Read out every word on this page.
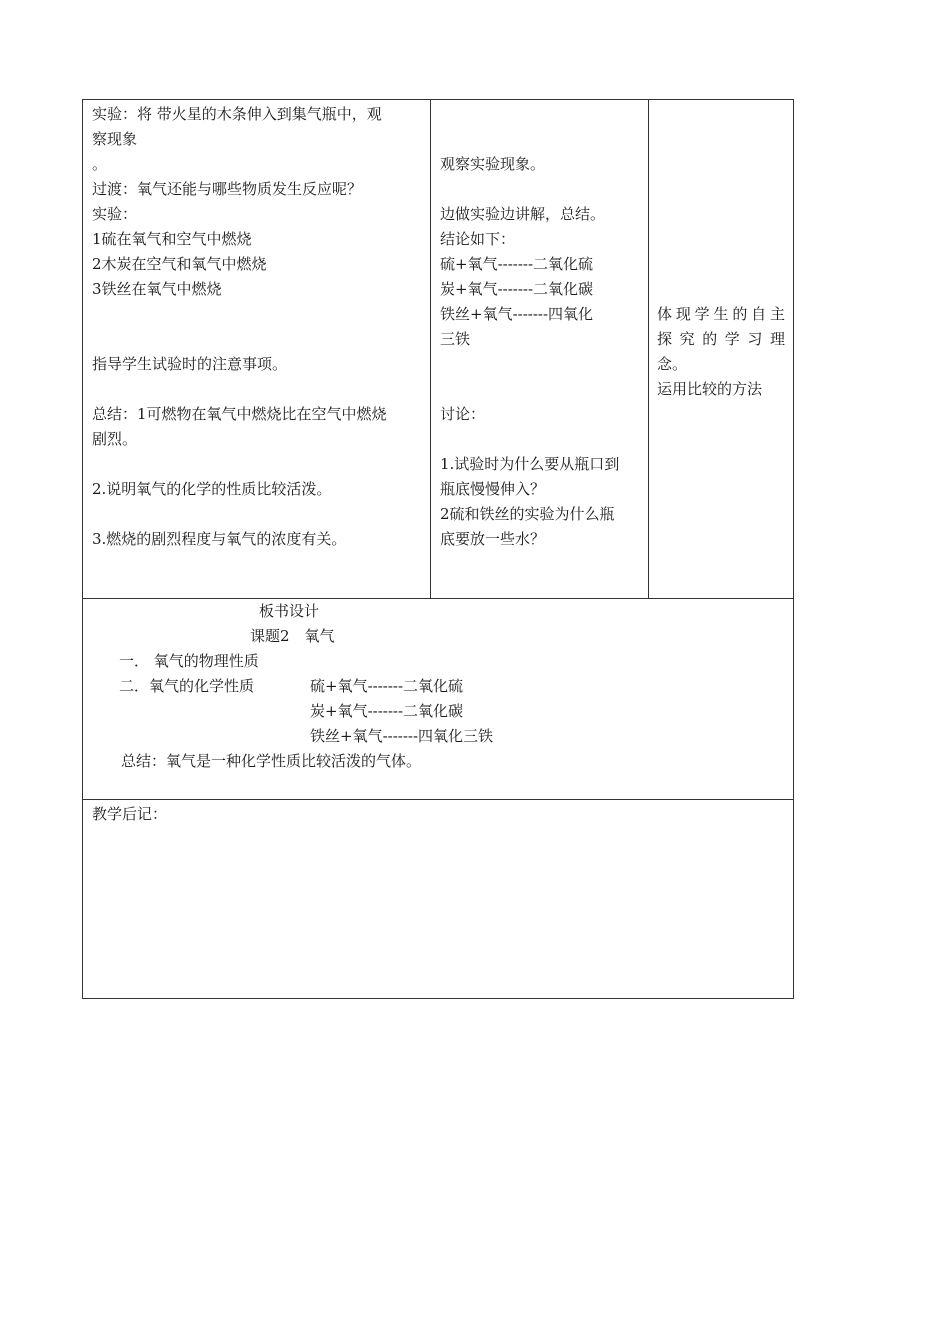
实验：将 带火星的木条伸入到集气瓶中，观
察现象
。
过渡：氧气还能与哪些物质发生反应呢？
实验：
1硫在氧气和空气中燃烧
2木炭在空气和氧气中燃烧
3铁丝在氧气中燃烧
指导学生试验时的注意事项。
总结：1可燃物在氧气中燃烧比在空气中燃烧
剧烈。
2.说明氧气的化学的性质比较活泼。
3.燃烧的剧烈程度与氧气的浓度有关。

观察实验现象。
边做实验边讲解，总结。
结论如下：
硫+氧气-------二氧化硫
炭+氧气-------二氧化碳
铁丝+氧气-------四氧化
三铁
讨论：
1.试验时为什么要从瓶口到
瓶底慢慢伸入？
2硫和铁丝的实验为什么瓶
底要放一些水？

体现学生的自主
探究的学习理
念。
运用比较的方法

板书设计
课题2　氧气
一． 氧气的物理性质
二．氧气的化学性质	硫+氧气-------二氧化硫
炭+氧气-------二氧化碳
铁丝+氧气-------四氧化三铁
总结：氧气是一种化学性质比较活泼的气体。

教学后记：
